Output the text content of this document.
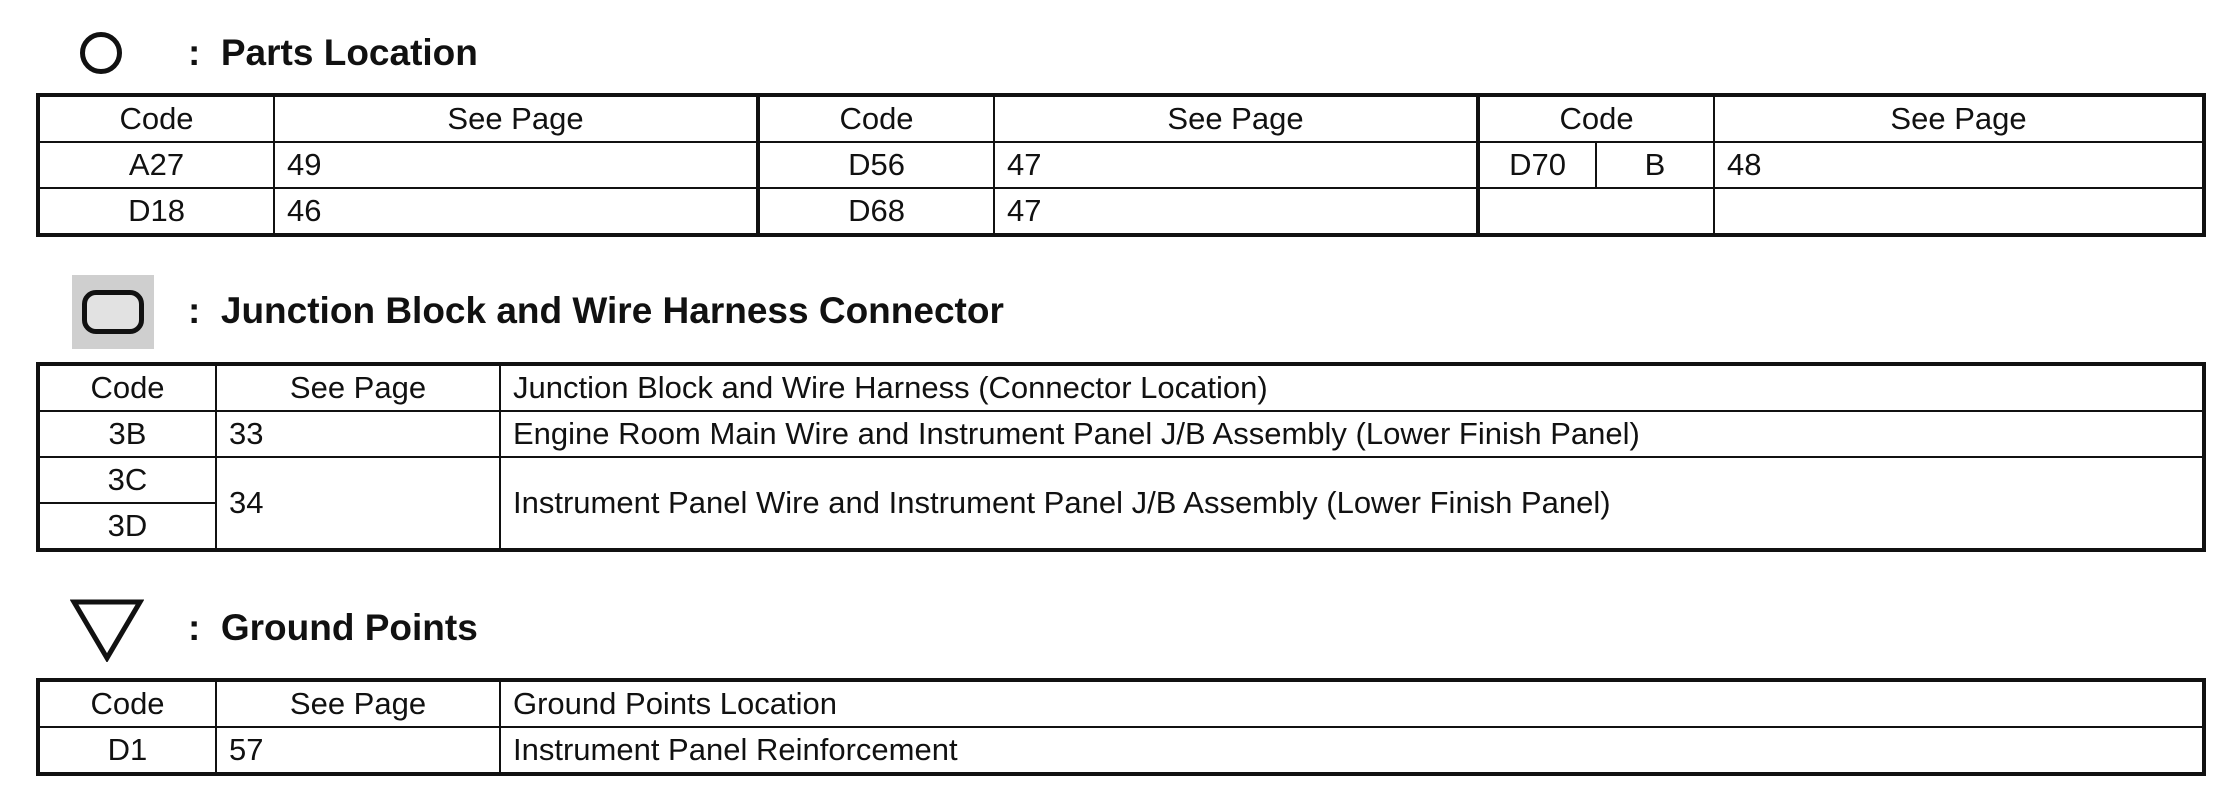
:  Parts Location
Code	See Page	Code	See Page	Code		See Page
A27	49	D56	47	D70	B	48
D18	46	D68	47			
:  Junction Block and Wire Harness Connector
Code	See Page	Junction Block and Wire Harness (Connector Location)
3B	33	Engine Room Main Wire and Instrument Panel J/B Assembly (Lower Finish Panel)
3C	34	Instrument Panel Wire and Instrument Panel J/B Assembly (Lower Finish Panel)
3D		
:  Ground Points
Code	See Page	Ground Points Location
D1	57	Instrument Panel Reinforcement
